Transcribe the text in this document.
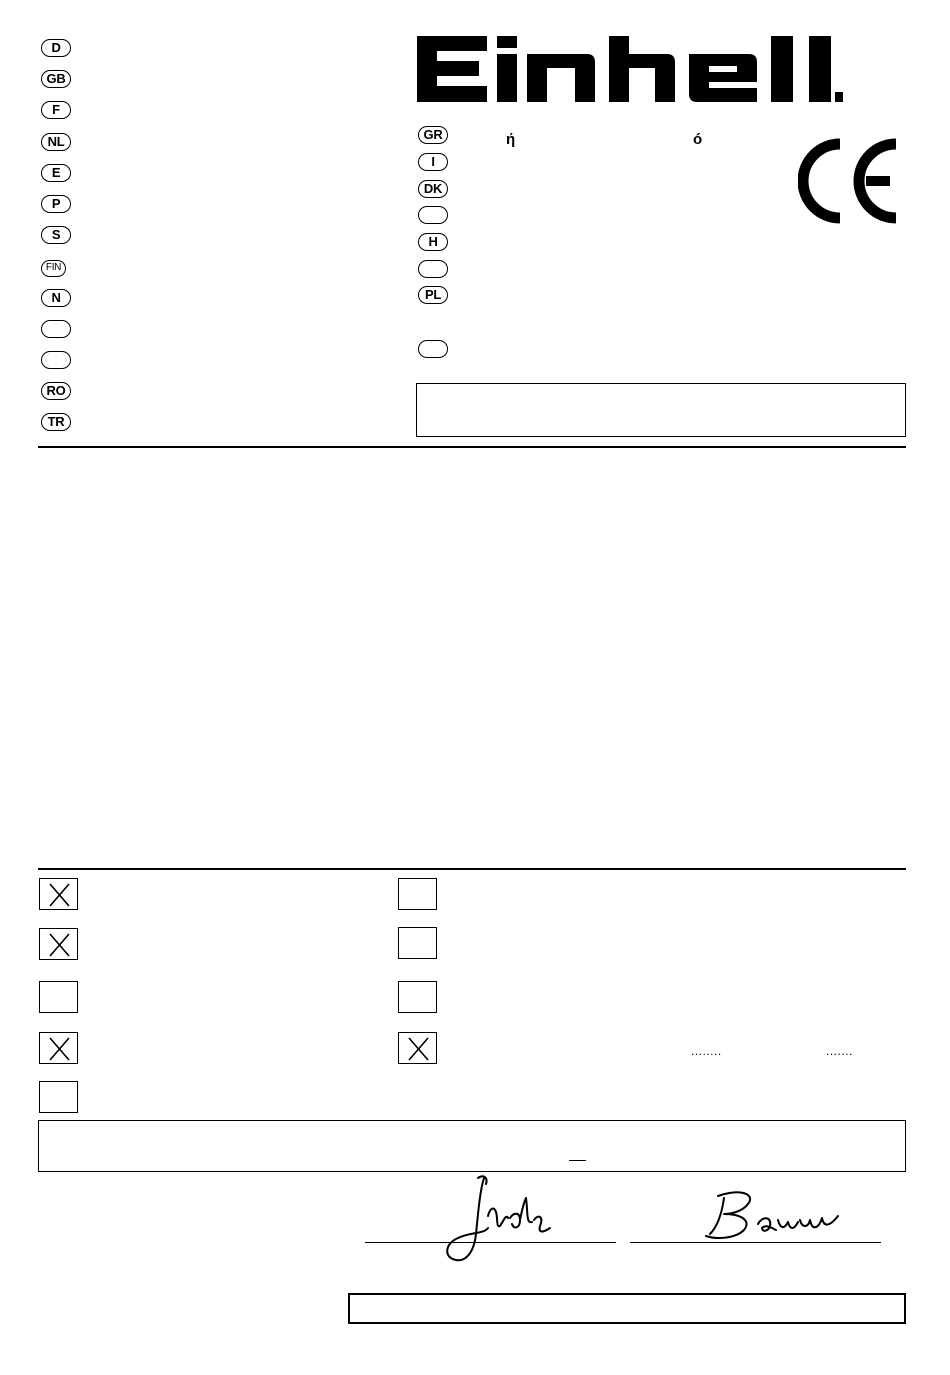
D
GB
F
NL
E
P
S
FIN
N
RO
TR
GR	ή	ó
I
DK
H
PL
........	.......
